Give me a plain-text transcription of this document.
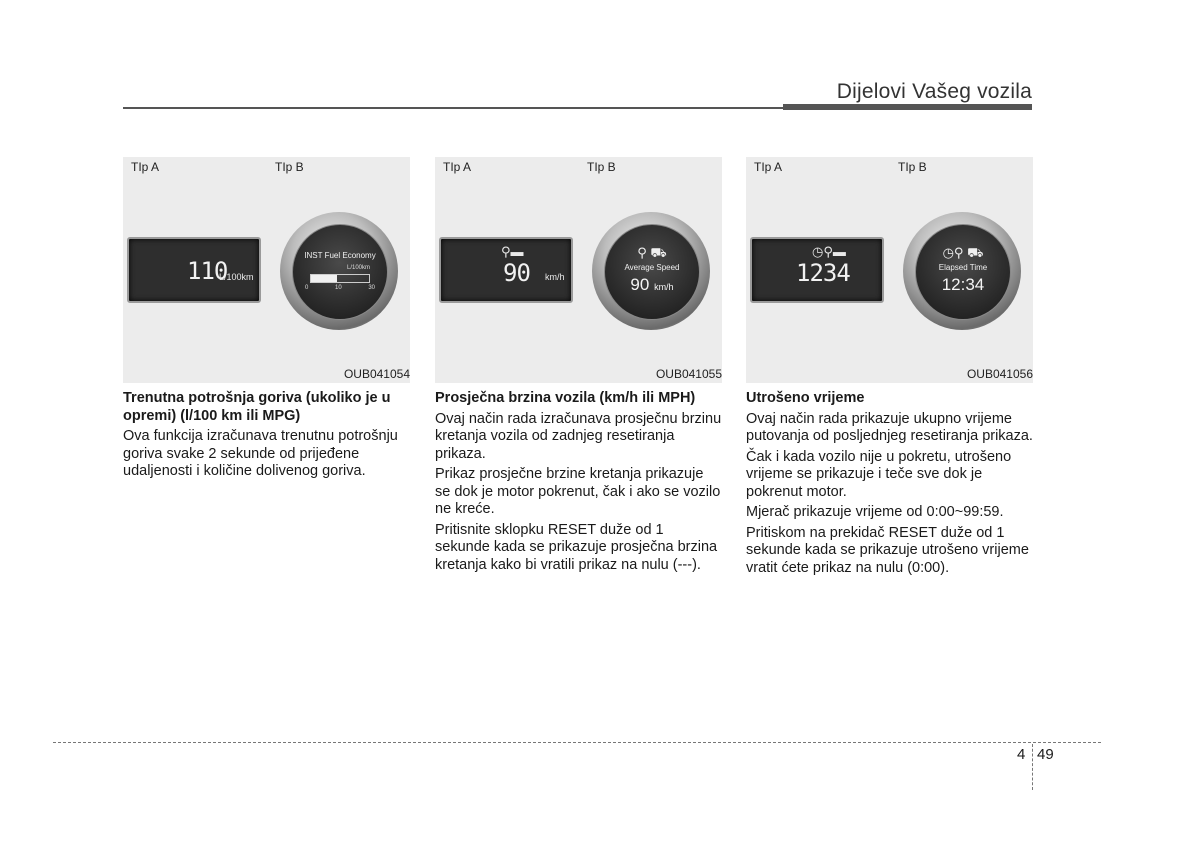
Dijelovi Vašeg vozila
TIp A	TIp B
110
L/100km
INST Fuel Economy
L/100km
0	10	30
OUB041054
Trenutna potrošnja goriva (ukoliko je u opremi) (l/100 km ili MPG)

Ova funkcija izračunava trenutnu potrošnju goriva svake 2 sekunde od prijeđene udaljenosti i količine dolivenog goriva.

TIp A	TIp B
⚲▬
90 km/h
⚲ ⛟
Average Speed
90 km/h
OUB041055
Prosječna brzina vozila (km/h ili MPH)

Ovaj način rada izračunava prosječnu brzinu kretanja vozila od zadnjeg resetiranja prikaza.

Prikaz prosječne brzine kretanja prikazuje se dok je motor pokrenut, čak i ako se vozilo ne kreće.

Pritisnite sklopku RESET duže od 1 sekunde kada se prikazuje prosječna brzina kretanja kako bi vratili prikaz na nulu (---).

TIp A	TIp B
◷⚲▬
1234
◷⚲ ⛟
Elapsed Time
12:34
OUB041056
Utrošeno vrijeme

Ovaj način rada prikazuje ukupno vrijeme putovanja od posljednjeg resetiranja prikaza.

Čak i kada vozilo nije u pokretu, utrošeno vrijeme se prikazuje i teče sve dok je pokrenut motor.

Mjerač prikazuje vrijeme od 0:00~99:59.

Pritiskom na prekidač RESET duže od 1 sekunde kada se prikazuje utrošeno vrijeme vratit ćete prikaz na nulu (0:00).

4 49
